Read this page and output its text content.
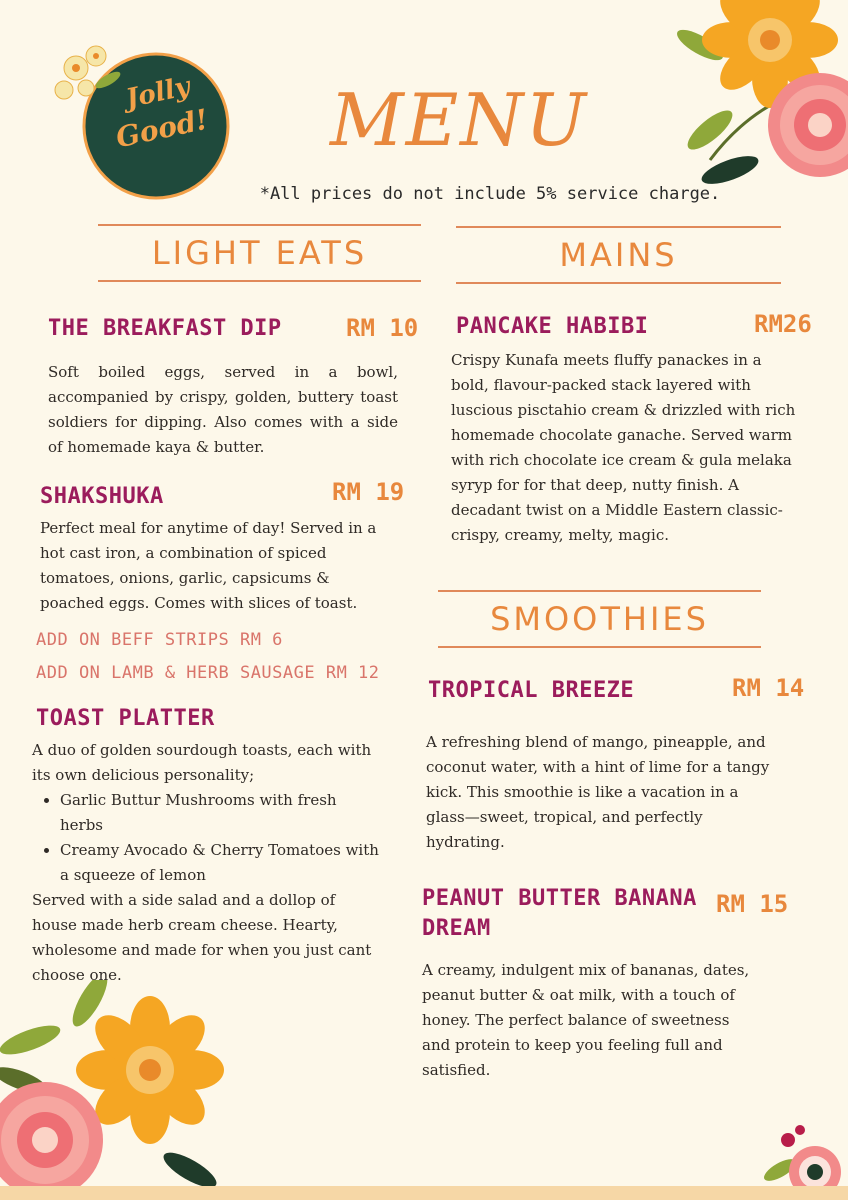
Jolly
Good!	MENU
*All prices do not include 5% service charge.
LIGHT EATS
THE BREAKFAST DIP	RM 10
Soft boiled eggs, served in a bowl, accompanied by crispy, golden, buttery toast soldiers for dipping. Also comes with a side of homemade kaya & butter.
SHAKSHUKA	RM 19
Perfect meal for anytime of day! Served in a hot cast iron, a combination of spiced tomatoes, onions, garlic, capsicums & poached eggs. Comes with slices of toast.
ADD ON BEFF STRIPS RM 6
ADD ON LAMB & HERB SAUSAGE RM 12
TOAST PLATTER
A duo of golden sourdough toasts, each with its own delicious personality;
• Garlic Buttur Mushrooms with fresh herbs
• Creamy Avocado & Cherry Tomatoes with a squeeze of lemon
Served with a side salad and a dollop of house made herb cream cheese. Hearty, wholesome and made for when you just cant choose one.
MAINS
PANCAKE HABIBI	RM26
Crispy Kunafa meets fluffy panackes in a bold, flavour-packed stack layered with luscious pisctahio cream & drizzled with rich homemade chocolate ganache. Served warm with rich chocolate ice cream & gula melaka syryp for for that deep, nutty finish. A decadant twist on a Middle Eastern classic-crispy, creamy, melty, magic.
SMOOTHIES
TROPICAL BREEZE	RM 14
A refreshing blend of mango, pineapple, and coconut water, with a hint of lime for a tangy kick. This smoothie is like a vacation in a glass—sweet, tropical, and perfectly hydrating.
PEANUT BUTTER BANANA
DREAM
RM 15
A creamy, indulgent mix of bananas, dates, peanut butter & oat milk, with a touch of honey. The perfect balance of sweetness and protein to keep you feeling full and satisfied.
